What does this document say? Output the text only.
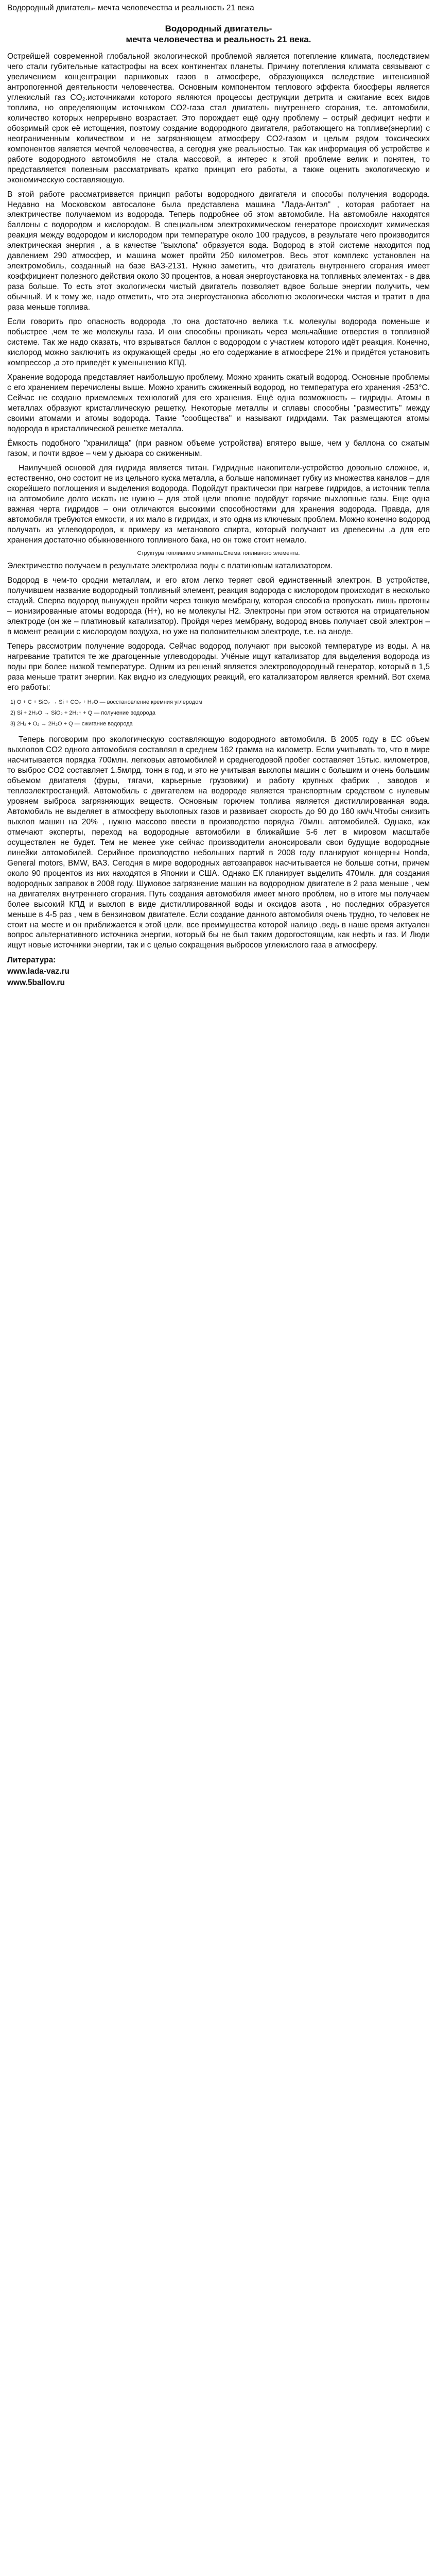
Водородный двигатель- мечта человечества и реальность 21 века
Водородный двигатель-
мечта человечества и реальность 21 века.

Острейшей современной глобальной экологической проблемой является потепление климата, последствием чего стали губительные катастрофы на всех континентах планеты. Причину потепления климата связывают с увеличением концентрации парниковых газов в атмосфере, образующихся вследствие интенсивной антропогенной деятельности человечества. Основным компонентом теплового эффекта биосферы является углекислый газ CO₂.источниками которого являются процессы деструкции детрита и сжигание всех видов топлива, но определяющим источником CO2-газа стал двигатель внутреннего сгорания, т.е. автомобили, количество которых непрерывно возрастает. Это порождает ещё одну проблему – острый дефицит нефти и обозримый срок её истощения, поэтому создание водородного двигателя, работающего на топливе(энергии) с неограниченным количеством и не загрязняющем атмосферу CO2-газом и целым рядом токсических компонентов является мечтой человечества, а сегодня уже реальностью. Так как информация об устройстве и работе водородного автомобиля не стала массовой, а интерес к этой проблеме велик и понятен, то представляется полезным рассматривать кратко принцип его работы, а также оценить экологическую и экономическую составляющую.

В этой работе рассматривается принцип работы водородного двигателя и способы получения водорода. Недавно на Московском автосалоне была представлена машина "Лада-Антэл" , которая работает на электричестве получаемом из водорода. Теперь подробнее об этом автомобиле. На автомобиле находятся баллоны с водородом и кислородом. В специальном электрохимическом генераторе происходит химическая реакция между водородом и кислородом при температуре около 100 градусов, в результате чего производится электрическая энергия , а в качестве "выхлопа" образуется вода. Водород в этой системе находится под давлением 290 атмосфер, и машина может пройти 250 километров. Весь этот комплекс установлен на электромобиль, созданный на базе ВАЗ-2131. Нужно заметить, что двигатель внутреннего сгорания имеет коэффициент полезного действия около 30 процентов, а новая энергоустановка на топливных элементах - в два раза больше. То есть этот экологически чистый двигатель позволяет вдвое больше энергии получить, чем обычный. И к тому же, надо отметить, что эта энергоустановка абсолютно экологически чистая и тратит в два раза меньше топлива.

Если говорить про опасность водорода ,то она достаточно велика т.к. молекулы водорода поменьше и побыстрее ,чем те же молекулы газа. И они способны проникать через мельчайшие отверстия в топливной системе. Так же надо сказать, что взрываться баллон с водородом с участием которого идёт реакция. Конечно, кислород можно заключить из окружающей среды ,но его содержание в атмосфере 21% и придётся установить компрессор ,а это приведёт к уменьшению КПД.

Хранение водорода представляет наибольшую проблему. Можно хранить сжатый водород. Основные проблемы с его хранением перечислены выше. Можно хранить сжиженный водород, но температура его хранения -253°С. Сейчас не создано приемлемых технологий для его хранения. Ещё одна возможность – гидриды. Атомы в металлах образуют кристаллическую решетку. Некоторые металлы и сплавы способны "разместить" между своими атомами и атомы водорода. Такие "сообщества" и называют гидридами. Так размещаются атомы водорода в кристаллической решетке металла.

Ёмкость подобного "хранилища" (при равном объеме устройства) впятеро выше, чем у баллона со сжатым газом, и почти вдвое – чем у дьюара со сжиженным.

Наилучшей основой для гидрида является титан. Гидридные накопители-устройство довольно сложное, и, естественно, оно состоит не из цельного куска металла, а больше напоминает губку из множества каналов – для скорейшего поглощения и выделения водорода. Подойдут практически при нагреве гидридов, а источник тепла на автомобиле долго искать не нужно – для этой цели вполне подойдут горячие выхлопные газы. Еще одна важная черта гидридов – они отличаются высокими способностями для хранения водорода. Правда, для автомобиля требуются емкости, и их мало в гидридах, и это одна из ключевых проблем. Можно конечно водород получать из углеводородов, к примеру из метанового спирта, который получают из древесины ,а для его хранения достаточно обыкновенного топливного бака, но он тоже стоит немало.

Структура топливного элемента.Схема топливного элемента.

Электричество получаем в результате электролиза воды с платиновым катализатором.

Водород в чем-то сродни металлам, и его атом легко теряет свой единственный электрон. В устройстве, получившем название водородный топливный элемент, реакция водорода с кислородом происходит в несколько стадий. Сперва водород вынужден пройти через тонкую мембрану, которая способна пропускать лишь протоны – ионизированные атомы водорода (Н+), но не молекулы Н2. Электроны при этом остаются на отрицательном электроде (он же – платиновый катализатор). Пройдя через мембрану, водород вновь получает свой электрон – в момент реакции с кислородом воздуха, но уже на положительном электроде, т.е. на аноде.

Теперь рассмотрим получение водорода. Сейчас водород получают при высокой температуре из воды. А на нагревание тратится те же драгоценные углеводороды. Учёные ищут катализатор для выделения водорода из воды при более низкой температуре. Одним из решений является электроводородный генератор, который в 1,5 раза меньше тратит энергии. Как видно из следующих реакций, его катализатором является кремний. Вот схема его работы:

1) O + C + SiO₂ → Si + CO₂ + H₂O — восстановление кремния углеродом
2) Si + 2H₂O → SiO₂ + 2H₂↑ + Q — получение водорода
3) 2H₂ + O₂ → 2H₂O + Q — сжигание водорода

Теперь поговорим про экологическую составляющую водородного автомобиля. В 2005 году в ЕС объем выхлопов CO2 одного автомобиля составлял в среднем 162 грамма на километр. Если учитывать то, что в мире насчитывается порядка 700млн. легковых автомобилей и среднегодовой пробег составляет 15тыс. километров, то выброс CO2 составляет 1.5млрд. тонн в год, и это не учитывая выхлопы машин с большим и очень большим объемом двигателя (фуры, тягачи, карьерные грузовики) и работу крупных фабрик , заводов и теплоэлектростанций. Автомобиль с двигателем на водороде является транспортным средством с нулевым уровнем выброса загрязняющих веществ. Основным горючем топлива является дистиллированная вода. Автомобиль не выделяет в атмосферу выхлопных газов и развивает скорость до 90 до 160 км/ч.Чтобы снизить выхлоп машин на 20% , нужно массово ввести в производство порядка 70млн. автомобилей. Однако, как отмечают эксперты, переход на водородные автомобили в ближайшие 5-6 лет в мировом масштабе осуществлен не будет. Тем не менее уже сейчас производители анонсировали свои будущие водородные линейки автомобилей. Серийное производство небольших партий в 2008 году планируют концерны Honda, General motors, BMW, ВАЗ. Сегодня в мире водородных автозаправок насчитывается не больше сотни, причем около 90 процентов из них находятся в Японии и США. Однако ЕК планирует выделить 470млн. для создания водородных заправок в 2008 году. Шумовое загрязнение машин на водородном двигателе в 2 раза меньше , чем на двигателях внутреннего сгорания. Путь создания автомобиля имеет много проблем, но в итоге мы получаем более высокий КПД и выхлоп в виде дистиллированной воды и оксидов азота , но последних образуется меньше в 4-5 раз , чем в бензиновом двигателе. Если создание данного автомобиля очень трудно, то человек не стоит на месте и он приближается к этой цели, все преимущества которой налицо ,ведь в наше время актуален вопрос альтернативного источника энергии, который бы не был таким дорогостоящим, как нефть и газ. И Люди ищут новые источники энергии, так и с целью сокращения выбросов углекислого газа в атмосферу.

Литература:
www.lada-vaz.ru
www.5ballov.ru
